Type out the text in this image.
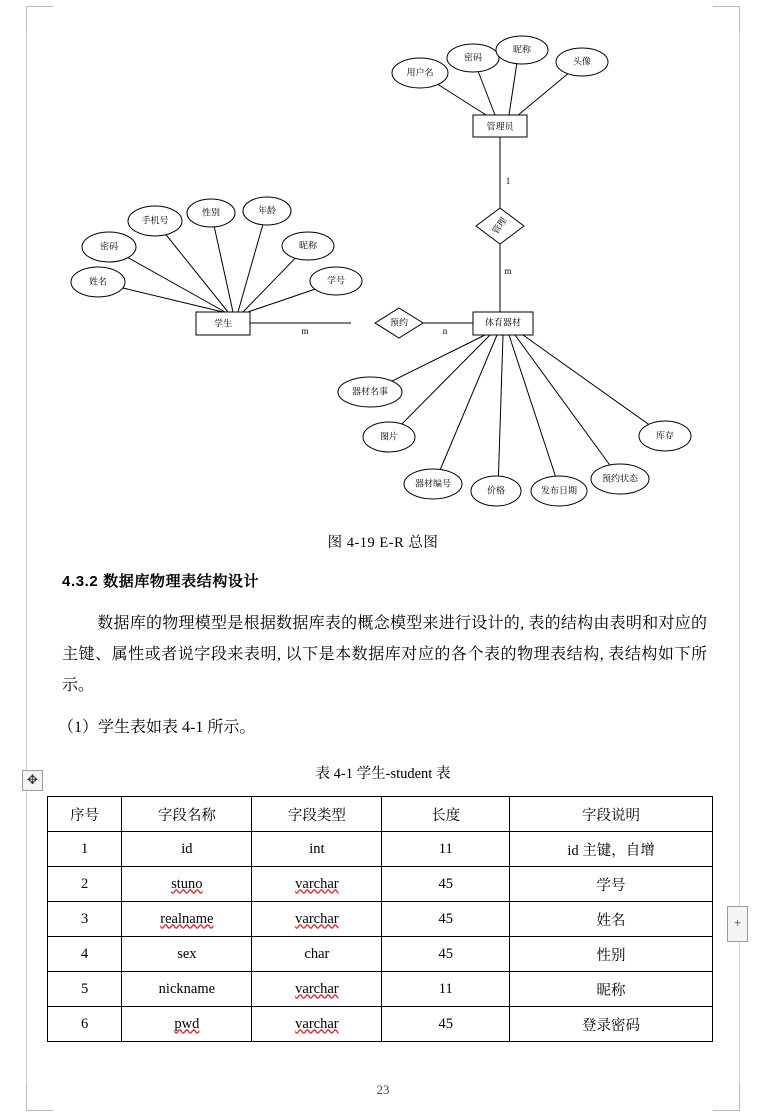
用户名
密码
昵称
头像
管理员
1
管理
m
姓名
密码
手机号
性别	年龄
昵称
学号
学生
m
预约
n
体育器材
器材名事
图片
器材编号
价格	发布日期
预约状态
库存
图 4-19 E-R 总图
4.3.2 数据库物理表结构设计

数据库的物理模型是根据数据库表的概念模型来进行设计的, 表的结构由表明和对应的主键、属性或者说字段来表明, 以下是本数据库对应的各个表的物理表结构, 表结构如下所示。

（1）学生表如表 4-1 所示。
表 4-1 学生-student 表
✥
+
序号	字段名称	字段类型	长度	字段说明
1	id	int	11	id 主键，自增
2	stuno	varchar	45	学号
3	realname	varchar	45	姓名
4	sex	char	45	性别
5	nickname	varchar	11	昵称
6	pwd	varchar	45	登录密码
23
